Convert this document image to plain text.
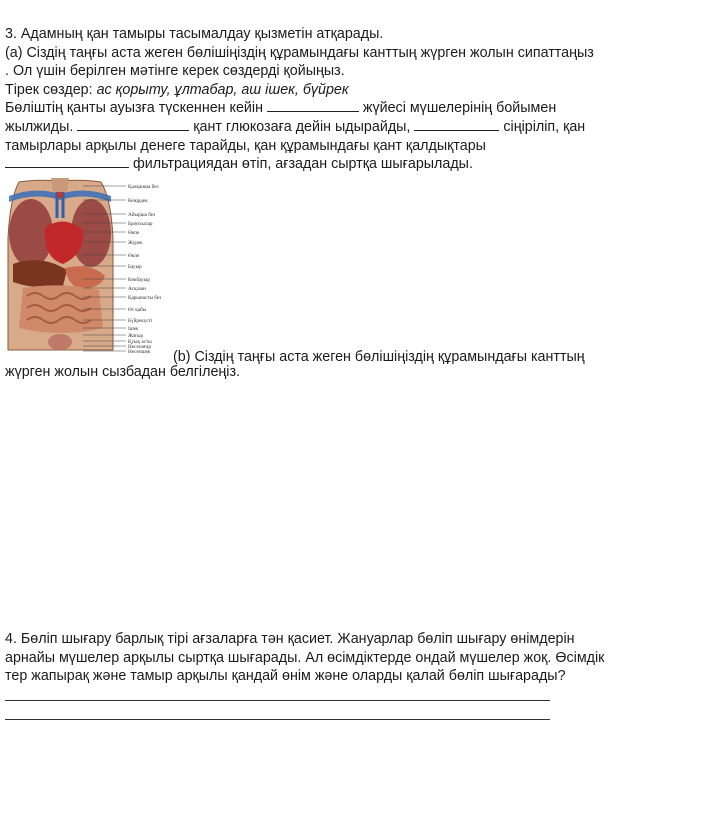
3. Адамның қан тамыры тасымалдау қызметін атқарады.
(a) Сіздің таңғы аста жеген бөлішіңіздің құрамындағы канттың жүрген жолын сипаттаңыз
. Ол үшін берілген мәтінге керек сөздерді қойыңыз.
Тірек сөздер: ас қорыту, ұлтабар, аш ішек, бүйрек
Бөліштің қанты ауызға түскеннен кейін	жүйесі мүшелерінің бойымен
жылжиды.	қант глюкозаға дейін ыдырайды,	сіңіріліп, қан
тамырлары арқылы денеге тарайды, қан құрамындағы қант қалдықтары
фильтрациядан өтіп, ағзадан сыртқа шығарылады.
Қалқанша без
Кеңірдек
Айырша без
Бронхылар
Өкпе
Жүрек
Өкпе
Бауыр
Көкбауыр
Асқазан
Қарынасты без
Өт қабы
Бүйрекүсті
Ішек
Жатыр
Қуық асты
Несепағар
Несепшек	(b) Сіздің таңғы аста жеген бөлішіңіздің құрамындағы канттың
жүрген жолын сызбадан белгілеңіз.
4. Бөліп шығару барлық тірі ағзаларға тән қасиет. Жануарлар бөліп шығару өнімдерін
арнайы мүшелер арқылы сыртқа шығарады. Ал өсімдіктерде ондай мүшелер жоқ. Өсімдік
тер жапырақ және тамыр арқылы қандай өнім және оларды қалай бөліп шығарады?
